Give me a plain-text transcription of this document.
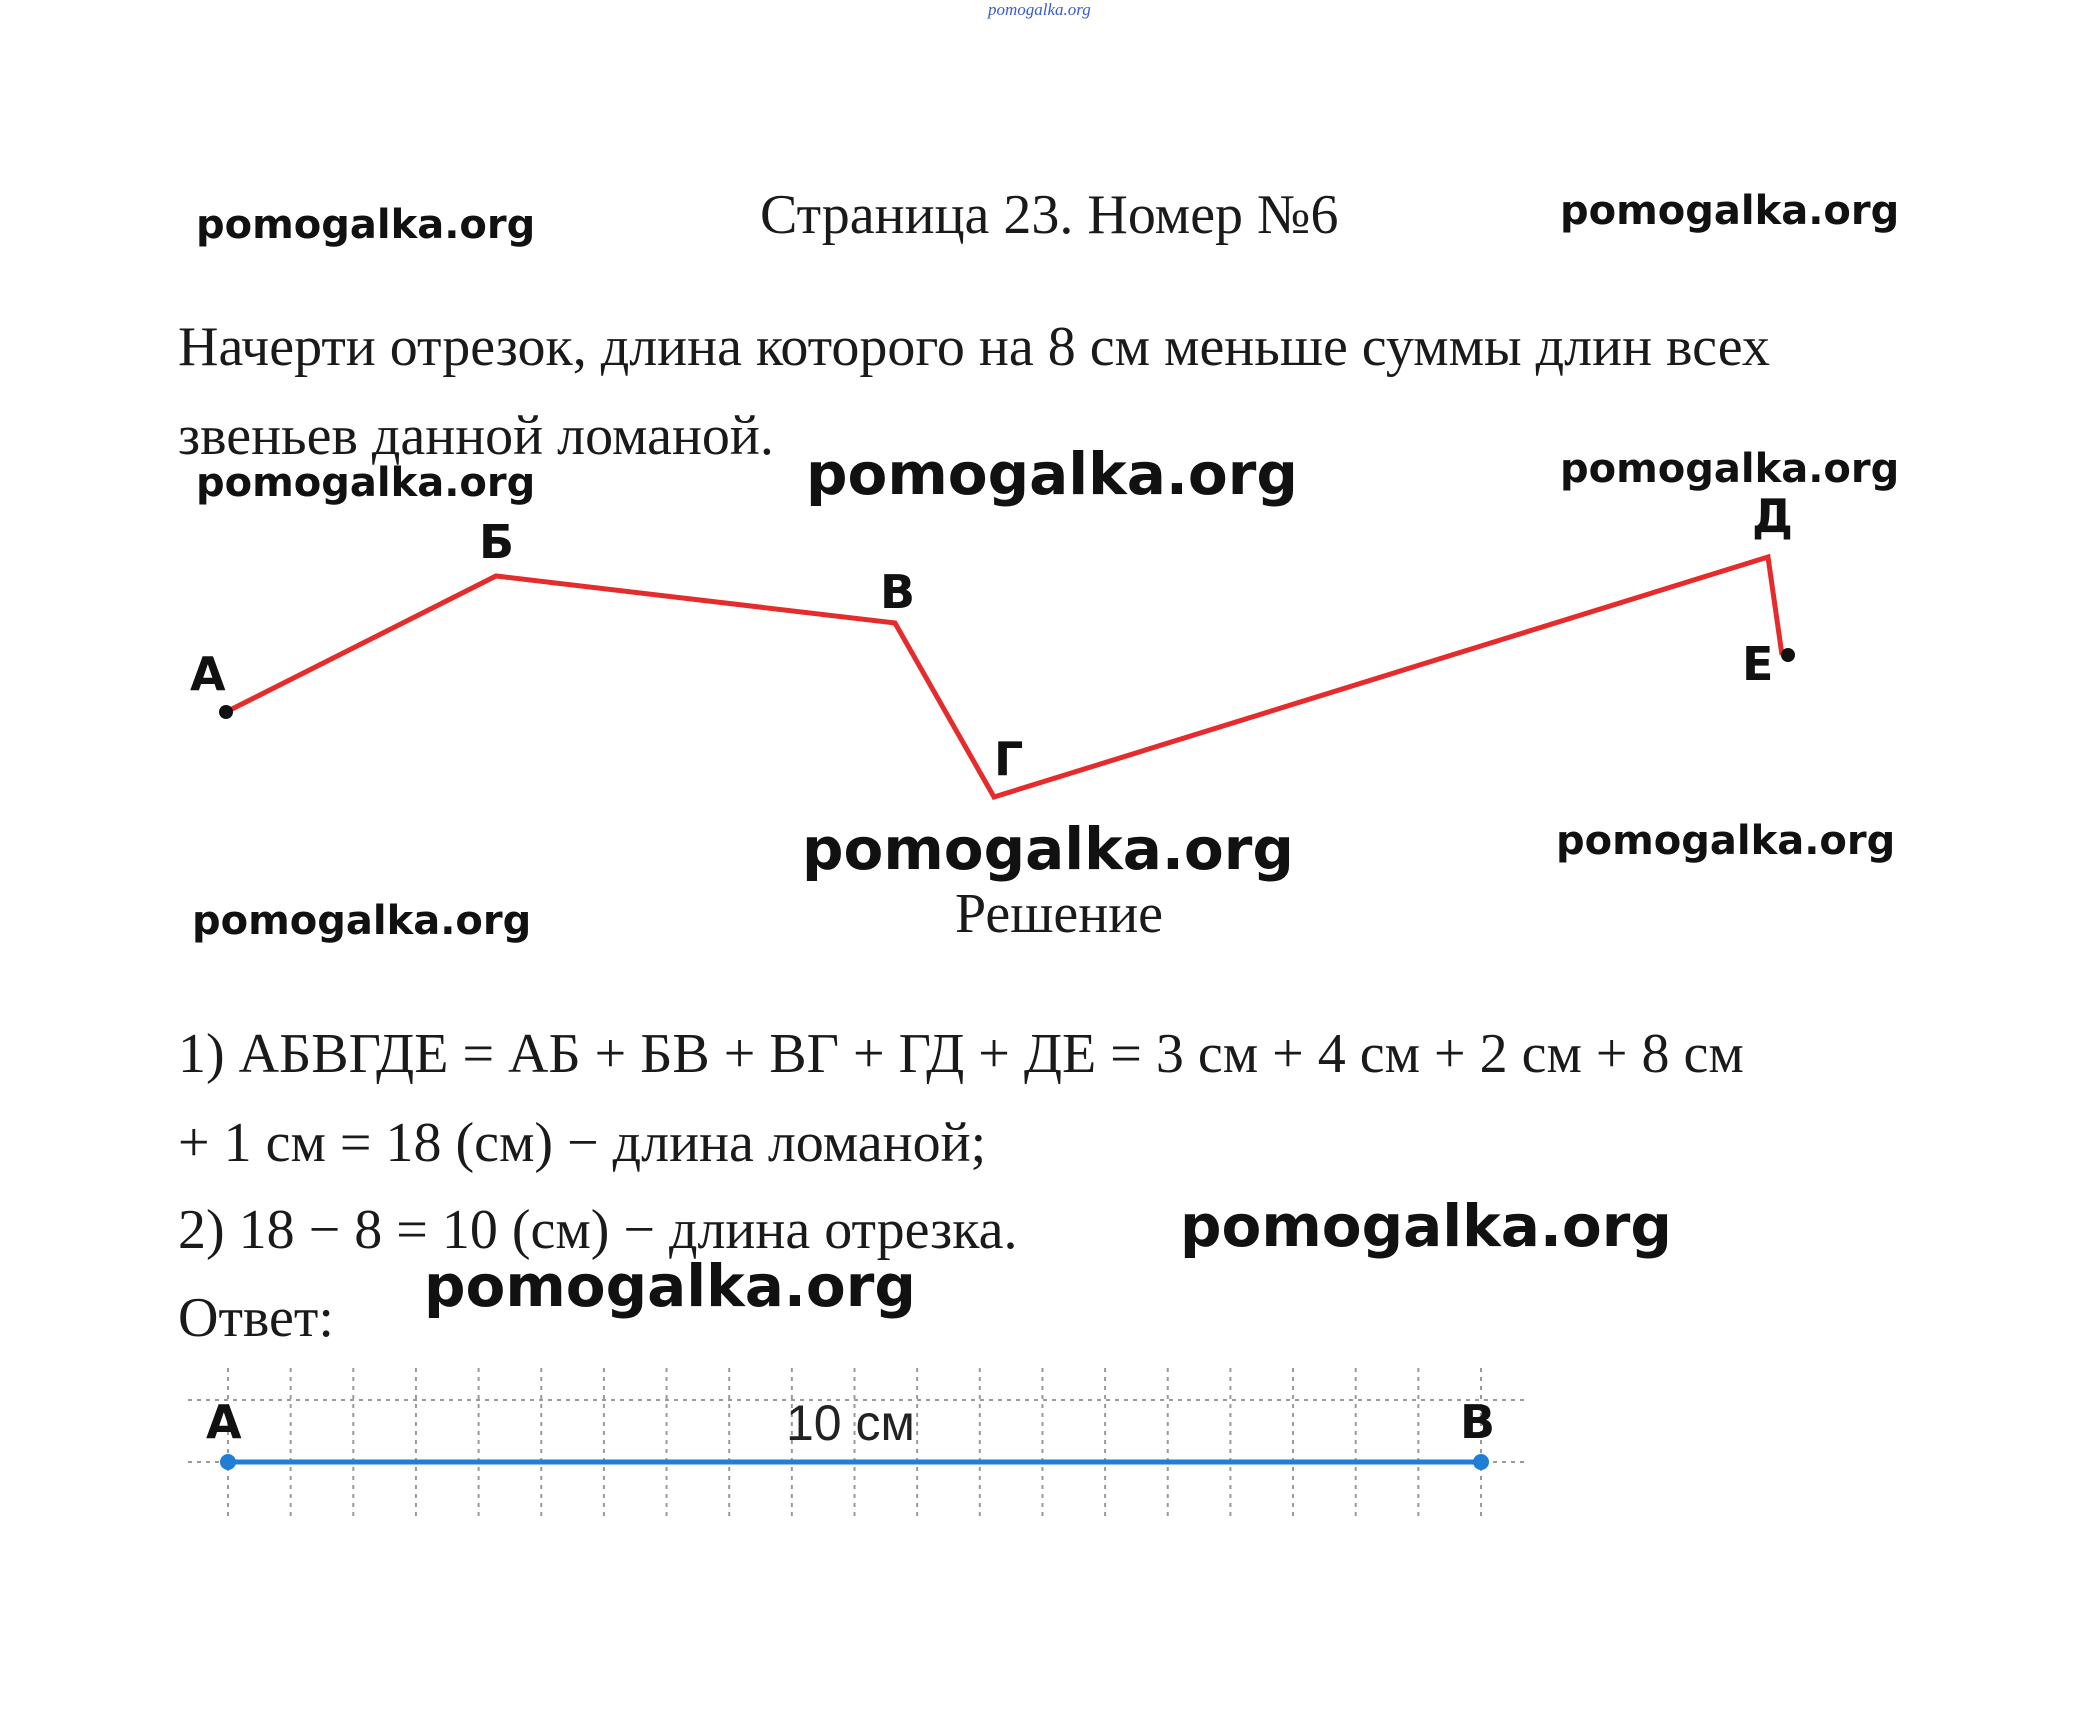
pomogalka.org
Страница 23. Номер №6
pomogalka.org	pomogalka.org
Начерти отрезок, длина которого на 8 см меньше суммы длин всех
звеньев данной ломаной.
pomogalka.org	pomogalka.org	pomogalka.org
А
Б
В
Г
Д
Е
pomogalka.org	pomogalka.org
pomogalka.org	Решение
1) АБВГДЕ = АБ + БВ + ВГ + ГД + ДЕ = 3 см + 4 см + 2 см + 8 см
+ 1 см = 18 (см) − длина ломаной;
2) 18 − 8 = 10 (см) − длина отрезка.	pomogalka.org
Ответ: pomogalka.org
А	В
10 см
